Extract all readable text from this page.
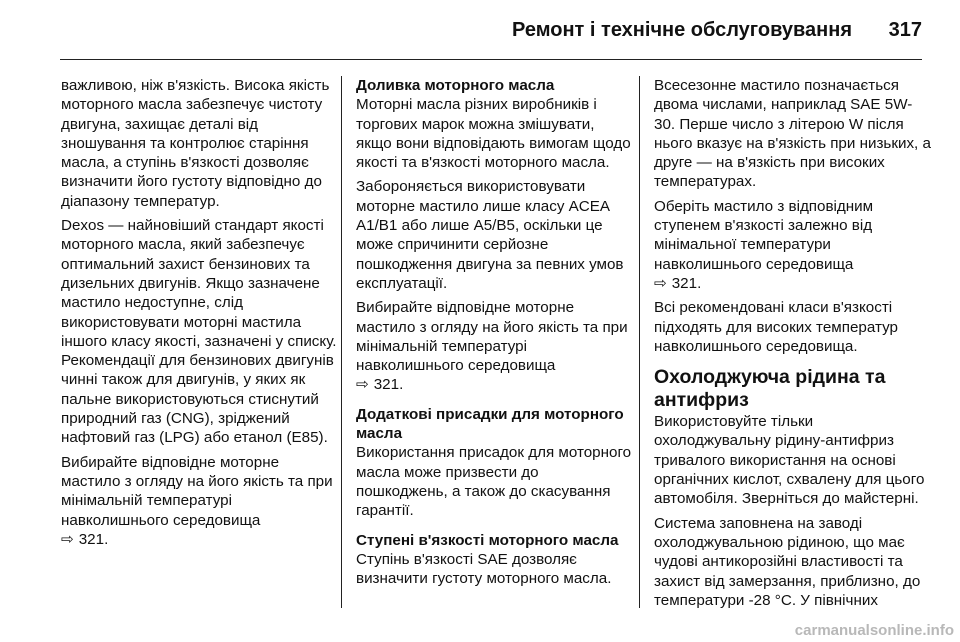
Ремонт і технічне обслуговування 317

важливою, ніж в'язкість. Висока якість моторного масла забезпечує чистоту двигуна, захищає деталі від зношування та контролює старіння масла, а ступінь в'язкості дозволяє визначити його густоту відповідно до діапазону температур.

Dexos — найновіший стандарт якості моторного масла, який забезпечує оптимальний захист бензинових та дизельних двигунів. Якщо зазначене мастило недоступне, слід використовувати моторні мастила іншого класу якості, зазначені у списку. Рекомендації для бензинових двигунів чинні також для двигунів, у яких як пальне використовуються стиснутий природний газ (CNG), зріджений нафтовий газ (LPG) або етанол (E85).

Вибирайте відповідне моторне мастило з огляду на його якість та при мінімальній температурі навколишнього середовища
⇨ 321.

Доливка моторного масла

Моторні масла різних виробників і торгових марок можна змішувати, якщо вони відповідають вимогам щодо якості та в'язкості моторного масла.

Забороняється використовувати моторне мастило лише класу ACEA A1/B1 або лише A5/B5, оскільки це може спричинити серйозне пошкодження двигуна за певних умов експлуатації.

Вибирайте відповідне моторне мастило з огляду на його якість та при мінімальній температурі навколишнього середовища
⇨ 321.

Додаткові присадки для моторного масла

Використання присадок для моторного масла може призвести до пошкоджень, а також до скасування гарантії.

Ступені в'язкості моторного масла

Ступінь в'язкості SAE дозволяє визначити густоту моторного масла.

Всесезонне мастило позначається двома числами, наприклад SAE 5W-30. Перше число з літерою W після нього вказує на в'язкість при низьких, а друге — на в'язкість при високих температурах.

Оберіть мастило з відповідним ступенем в'язкості залежно від мінімальної температури навколишнього середовища
⇨ 321.

Всі рекомендовані класи в'язкості підходять для високих температур навколишнього середовища.

Охолоджуюча рідина та антифриз

Використовуйте тільки охолоджувальну рідину-антифриз тривалого використання на основі органічних кислот, схвалену для цього автомобіля. Зверніться до майстерні.

Система заповнена на заводі охолоджувальною рідиною, що має чудові антикорозійні властивості та захист від замерзання, приблизно, до температури -28 °C. У північних

carmanualsonline.info
